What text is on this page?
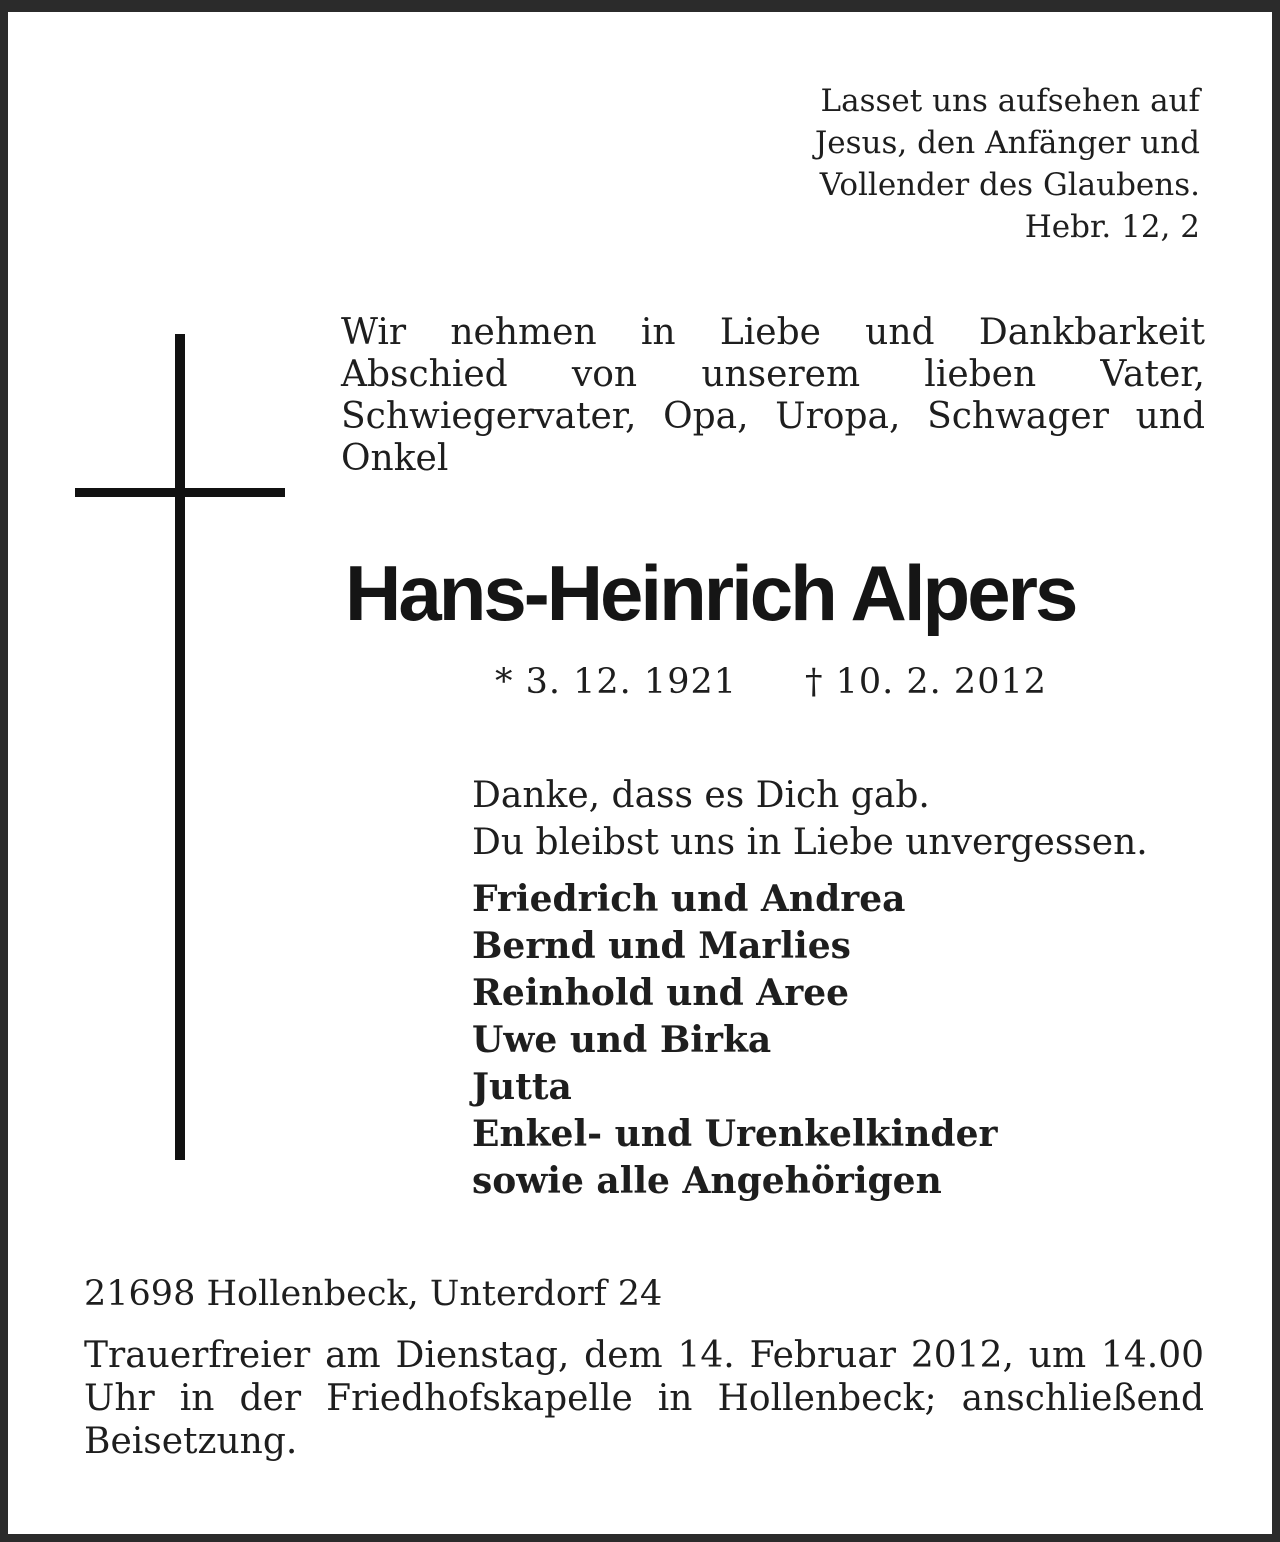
Lasset uns aufsehen auf
Jesus, den Anfänger und
Vollender des Glaubens.
Hebr. 12, 2
Wir nehmen in Liebe und Dankbarkeit Abschied von unserem lieben Vater, Schwiegervater, Opa, Uropa, Schwager und Onkel
Hans-Heinrich Alpers
* 3. 12. 1921 † 10. 2. 2012
Danke, dass es Dich gab.
Du bleibst uns in Liebe unvergessen.
Friedrich und Andrea
Bernd und Marlies
Reinhold und Aree
Uwe und Birka
Jutta
Enkel- und Urenkelkinder
sowie alle Angehörigen
21698 Hollenbeck, Unterdorf 24
Trauerfreier am Dienstag, dem 14. Februar 2012, um 14.00 Uhr in der Friedhofskapelle in Hollenbeck; anschließend Beisetzung.
